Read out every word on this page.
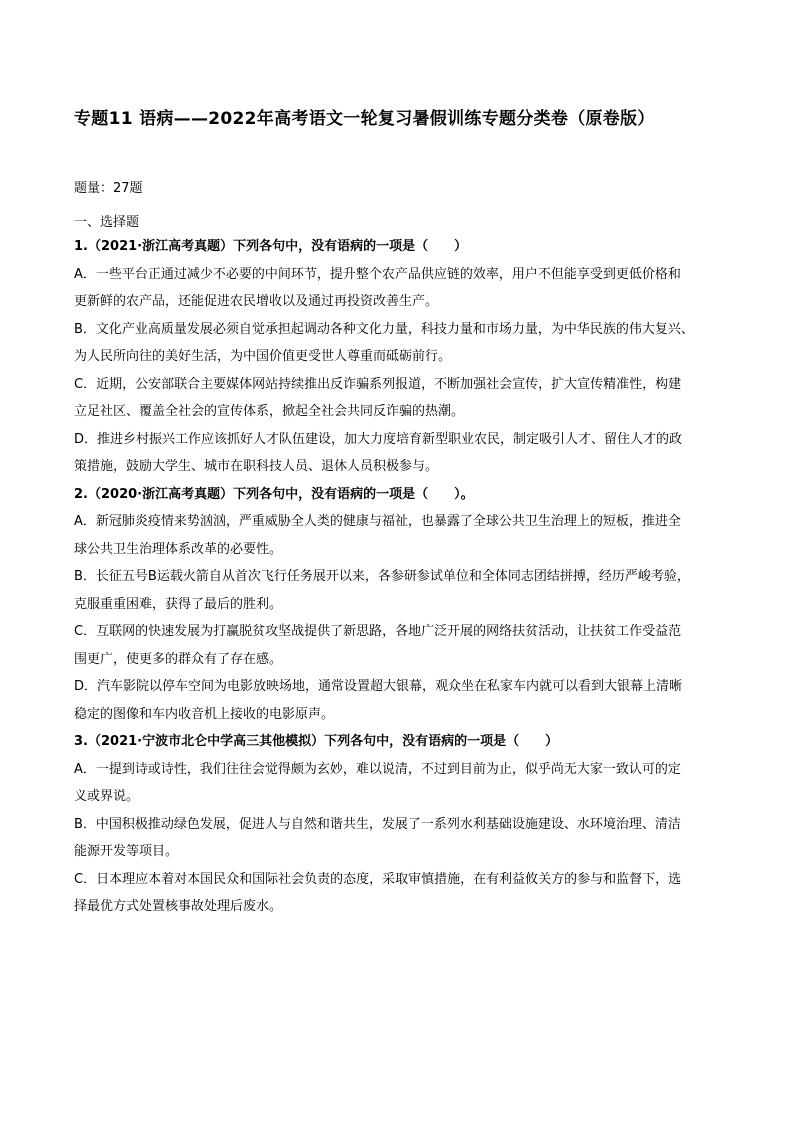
专题11 语病——2022年高考语文一轮复习暑假训练专题分类卷（原卷版）
题量：27题
一、选择题

1.（2021·浙江高考真题）下列各句中，没有语病的一项是（　　）

A．一些平台正通过减少不必要的中间环节，提升整个农产品供应链的效率，用户不但能享受到更低价格和

更新鲜的农产品，还能促进农民增收以及通过再投资改善生产。

B．文化产业高质量发展必须自觉承担起调动各种文化力量，科技力量和市场力量，为中华民族的伟大复兴、

为人民所向往的美好生活，为中国价值更受世人尊重而砥砺前行。

C．近期，公安部联合主要媒体网站持续推出反诈骗系列报道，不断加强社会宣传，扩大宣传精准性，构建

立足社区、覆盖全社会的宣传体系，掀起全社会共同反诈骗的热潮。

D．推进乡村振兴工作应该抓好人才队伍建设，加大力度培育新型职业农民，制定吸引人才、留住人才的政

策措施，鼓励大学生、城市在职科技人员、退休人员积极参与。

2.（2020·浙江高考真题）下列各句中，没有语病的一项是（　　）。

A．新冠肺炎疫情来势汹汹，严重威胁全人类的健康与福祉，也暴露了全球公共卫生治理上的短板，推进全

球公共卫生治理体系改革的必要性。

B．长征五号B运载火箭自从首次飞行任务展开以来，各参研参试单位和全体同志团结拼搏，经历严峻考验，

克服重重困难，获得了最后的胜利。

C．互联网的快速发展为打赢脱贫攻坚战提供了新思路，各地广泛开展的网络扶贫活动，让扶贫工作受益范

围更广，使更多的群众有了存在感。

D．汽车影院以停车空间为电影放映场地，通常设置超大银幕，观众坐在私家车内就可以看到大银幕上清晰

稳定的图像和车内收音机上接收的电影原声。

3.（2021·宁波市北仑中学高三其他模拟）下列各句中，没有语病的一项是（　　）

A．一提到诗或诗性，我们往往会觉得颇为玄妙，难以说清，不过到目前为止，似乎尚无大家一致认可的定

义或界说。

B．中国积极推动绿色发展，促进人与自然和谐共生，发展了一系列水利基础设施建设、水环境治理、清洁

能源开发等项目。

C．日本理应本着对本国民众和国际社会负责的态度，采取审慎措施，在有利益攸关方的参与和监督下，选

择最优方式处置核事故处理后废水。
